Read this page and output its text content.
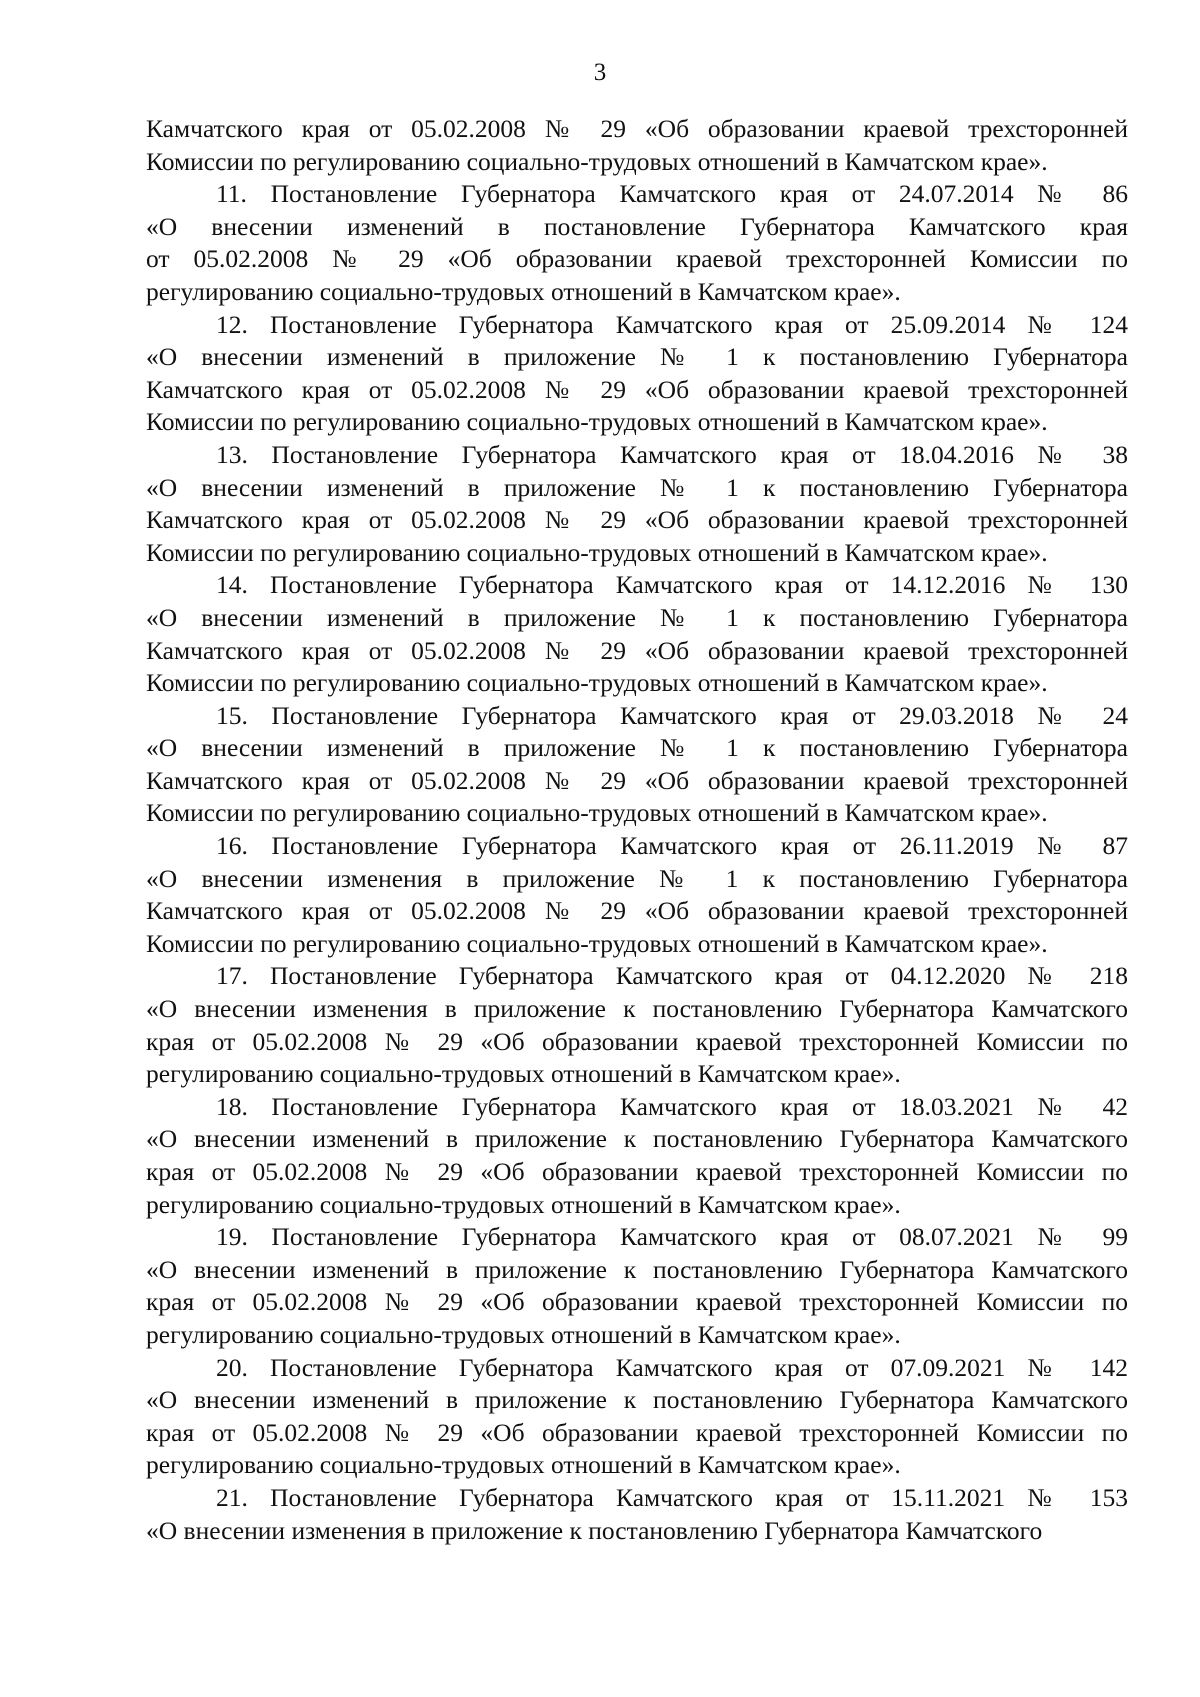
3
Камчатского края от 05.02.2008 № 29 «Об образовании краевой трехсторонней
Комиссии по регулированию социально-трудовых отношений в Камчатском крае».
11. Постановление Губернатора Камчатского края от 24.07.2014 № 86
«О внесении изменений в постановление Губернатора Камчатского края
от 05.02.2008 № 29 «Об образовании краевой трехсторонней Комиссии по
регулированию социально-трудовых отношений в Камчатском крае».
12. Постановление Губернатора Камчатского края от 25.09.2014 № 124
«О внесении изменений в приложение № 1 к постановлению Губернатора
Камчатского края от 05.02.2008 № 29 «Об образовании краевой трехсторонней
Комиссии по регулированию социально-трудовых отношений в Камчатском крае».
13. Постановление Губернатора Камчатского края от 18.04.2016 № 38
«О внесении изменений в приложение № 1 к постановлению Губернатора
Камчатского края от 05.02.2008 № 29 «Об образовании краевой трехсторонней
Комиссии по регулированию социально-трудовых отношений в Камчатском крае».
14. Постановление Губернатора Камчатского края от 14.12.2016 № 130
«О внесении изменений в приложение № 1 к постановлению Губернатора
Камчатского края от 05.02.2008 № 29 «Об образовании краевой трехсторонней
Комиссии по регулированию социально-трудовых отношений в Камчатском крае».
15. Постановление Губернатора Камчатского края от 29.03.2018 № 24
«О внесении изменений в приложение № 1 к постановлению Губернатора
Камчатского края от 05.02.2008 № 29 «Об образовании краевой трехсторонней
Комиссии по регулированию социально-трудовых отношений в Камчатском крае».
16. Постановление Губернатора Камчатского края от 26.11.2019 № 87
«О внесении изменения в приложение № 1 к постановлению Губернатора
Камчатского края от 05.02.2008 № 29 «Об образовании краевой трехсторонней
Комиссии по регулированию социально-трудовых отношений в Камчатском крае».
17. Постановление Губернатора Камчатского края от 04.12.2020 № 218
«О внесении изменения в приложение к постановлению Губернатора Камчатского
края от 05.02.2008 № 29 «Об образовании краевой трехсторонней Комиссии по
регулированию социально-трудовых отношений в Камчатском крае».
18. Постановление Губернатора Камчатского края от 18.03.2021 № 42
«О внесении изменений в приложение к постановлению Губернатора Камчатского
края от 05.02.2008 № 29 «Об образовании краевой трехсторонней Комиссии по
регулированию социально-трудовых отношений в Камчатском крае».
19. Постановление Губернатора Камчатского края от 08.07.2021 № 99
«О внесении изменений в приложение к постановлению Губернатора Камчатского
края от 05.02.2008 № 29 «Об образовании краевой трехсторонней Комиссии по
регулированию социально-трудовых отношений в Камчатском крае».
20. Постановление Губернатора Камчатского края от 07.09.2021 № 142
«О внесении изменений в приложение к постановлению Губернатора Камчатского
края от 05.02.2008 № 29 «Об образовании краевой трехсторонней Комиссии по
регулированию социально-трудовых отношений в Камчатском крае».
21. Постановление Губернатора Камчатского края от 15.11.2021 № 153
«О внесении изменения в приложение к постановлению Губернатора Камчатского
